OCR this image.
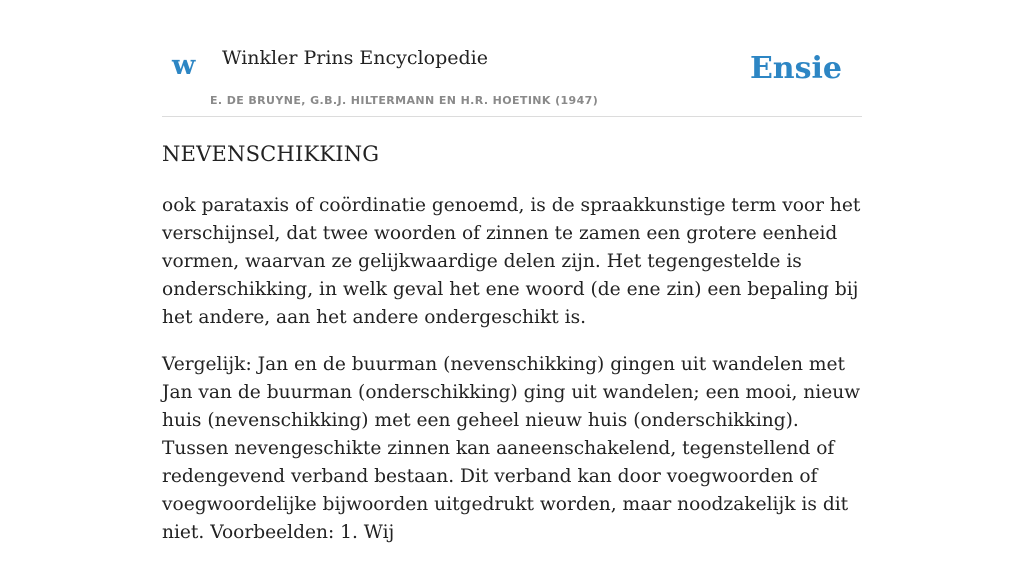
w Winkler Prins Encyclopedie
E. DE BRUYNE, G.B.J. HILTERMANN EN H.R. HOETINK (1947)
Ensie
NEVENSCHIKKING

ook parataxis of coördinatie genoemd, is de spraakkunstige term voor het verschijnsel, dat twee woorden of zinnen te zamen een grotere eenheid vormen, waarvan ze gelijkwaardige delen zijn. Het tegengestelde is onderschikking, in welk geval het ene woord (de ene zin) een bepaling bij het andere, aan het andere ondergeschikt is.

Vergelijk: Jan en de buurman (nevenschikking) gingen uit wandelen met Jan van de buurman (onderschikking) ging uit wandelen; een mooi, nieuw huis (nevenschikking) met een geheel nieuw huis (onderschikking). Tussen nevengeschikte zinnen kan aaneenschakelend, tegenstellend of redengevend verband bestaan. Dit verband kan door voegwoorden of voegwoordelijke bijwoorden uitgedrukt worden, maar noodzakelijk is dit niet. Voorbeelden: 1. Wij
